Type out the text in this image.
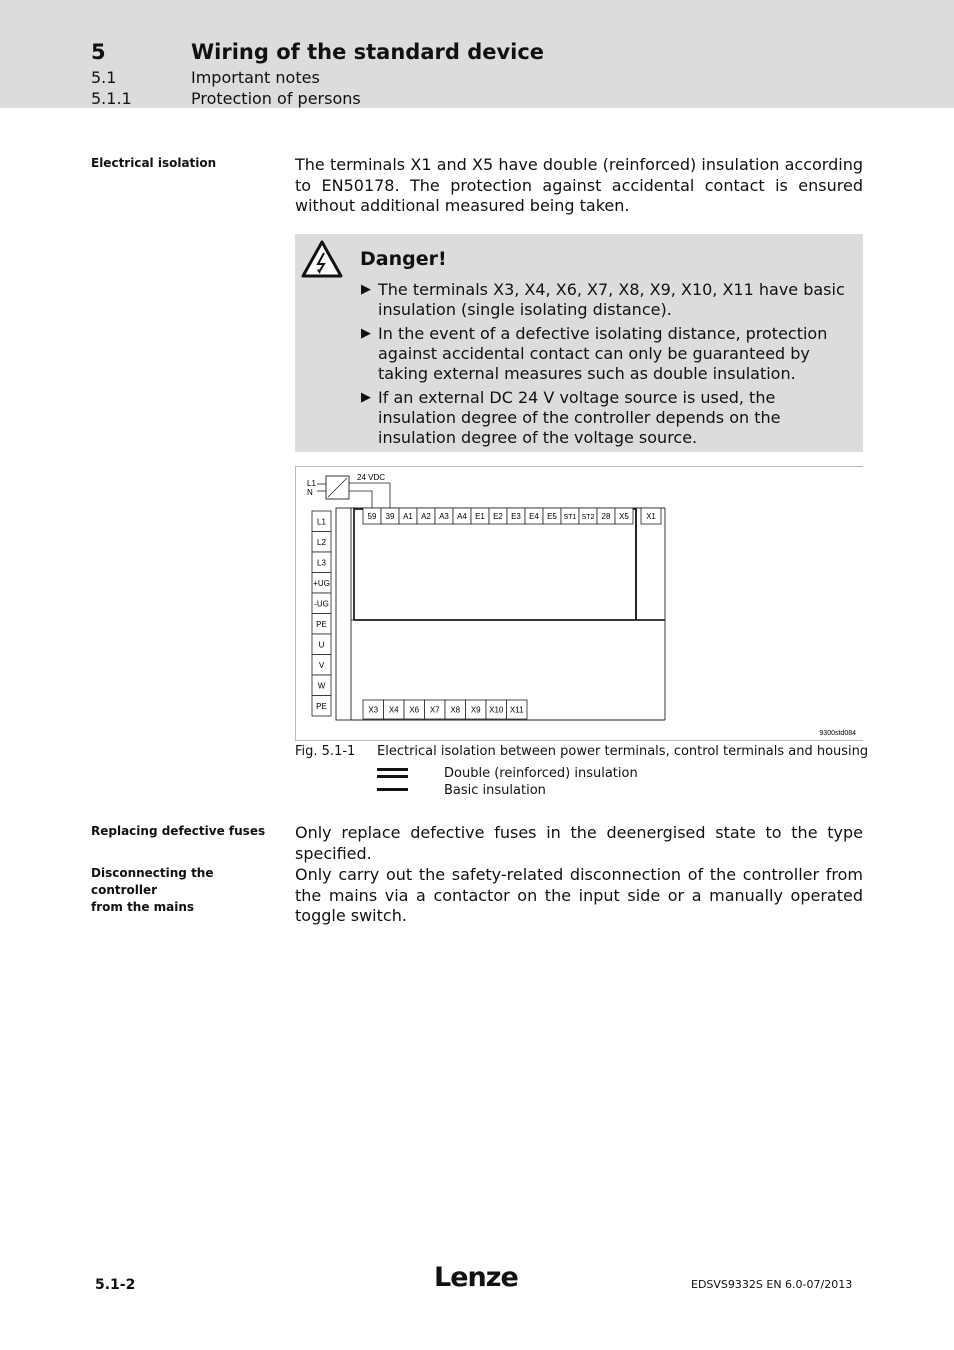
5	Wiring of the standard device
5.1	Important notes
5.1.1	Protection of persons
Electrical isolation	The terminals X1 and X5 have double (reinforced) insulation according to EN50178. The protection against accidental contact is ensured without additional measured being taken.
Danger!
▶ The terminals X3, X4, X6, X7, X8, X9, X10, X11 have basic insulation (single isolating distance).
▶ In the event of a defective isolating distance, protection against accidental contact can only be guaranteed by taking external measures such as double insulation.
▶ If an external DC 24 V voltage source is used, the insulation degree of the controller depends on the insulation degree of the voltage source.
L1
N
24 VDC
L1
L2
L3
+UG
-UG
PE
U
V
W
PE
59 39 A1 A2 A3 A4 E1 E2 E3 E4 E5 ST1 ST2 28 X5 X1
X3 X4 X6 X7 X8 X9 X10 X11
9300std084
Fig. 5.1-1 Electrical isolation between power terminals, control terminals and housing
Double (reinforced) insulation
Basic insulation
Replacing defective fuses	Only replace defective fuses in the deenergised state to the type specified.
Disconnecting the controller
from the mains
Only carry out the safety-related disconnection of the controller from the mains via a contactor on the input side or a manually operated toggle switch.
5.1-2	Lenze	EDSVS9332S EN 6.0-07/2013
